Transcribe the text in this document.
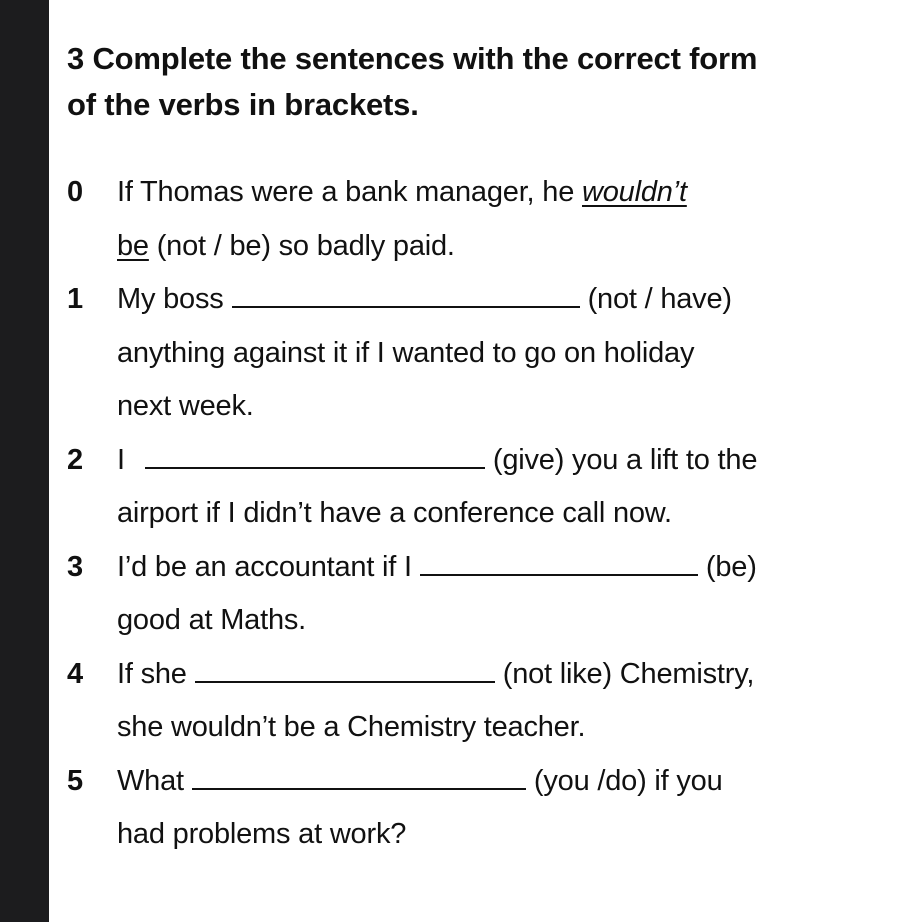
3 Complete the sentences with the correct form
of the verbs in brackets.
0 If Thomas were a bank manager, he wouldn’t
be (not / be) so badly paid.
1 My boss	(not / have)
anything against it if I wanted to go on holiday
next week.
2 I	(give) you a lift to the
airport if I didn’t have a conference call now.
3 I’d be an accountant if I	(be)
good at Maths.
4 If she	(not like) Chemistry,
she wouldn’t be a Chemistry teacher.
5 What	(you /do) if you
had problems at work?
